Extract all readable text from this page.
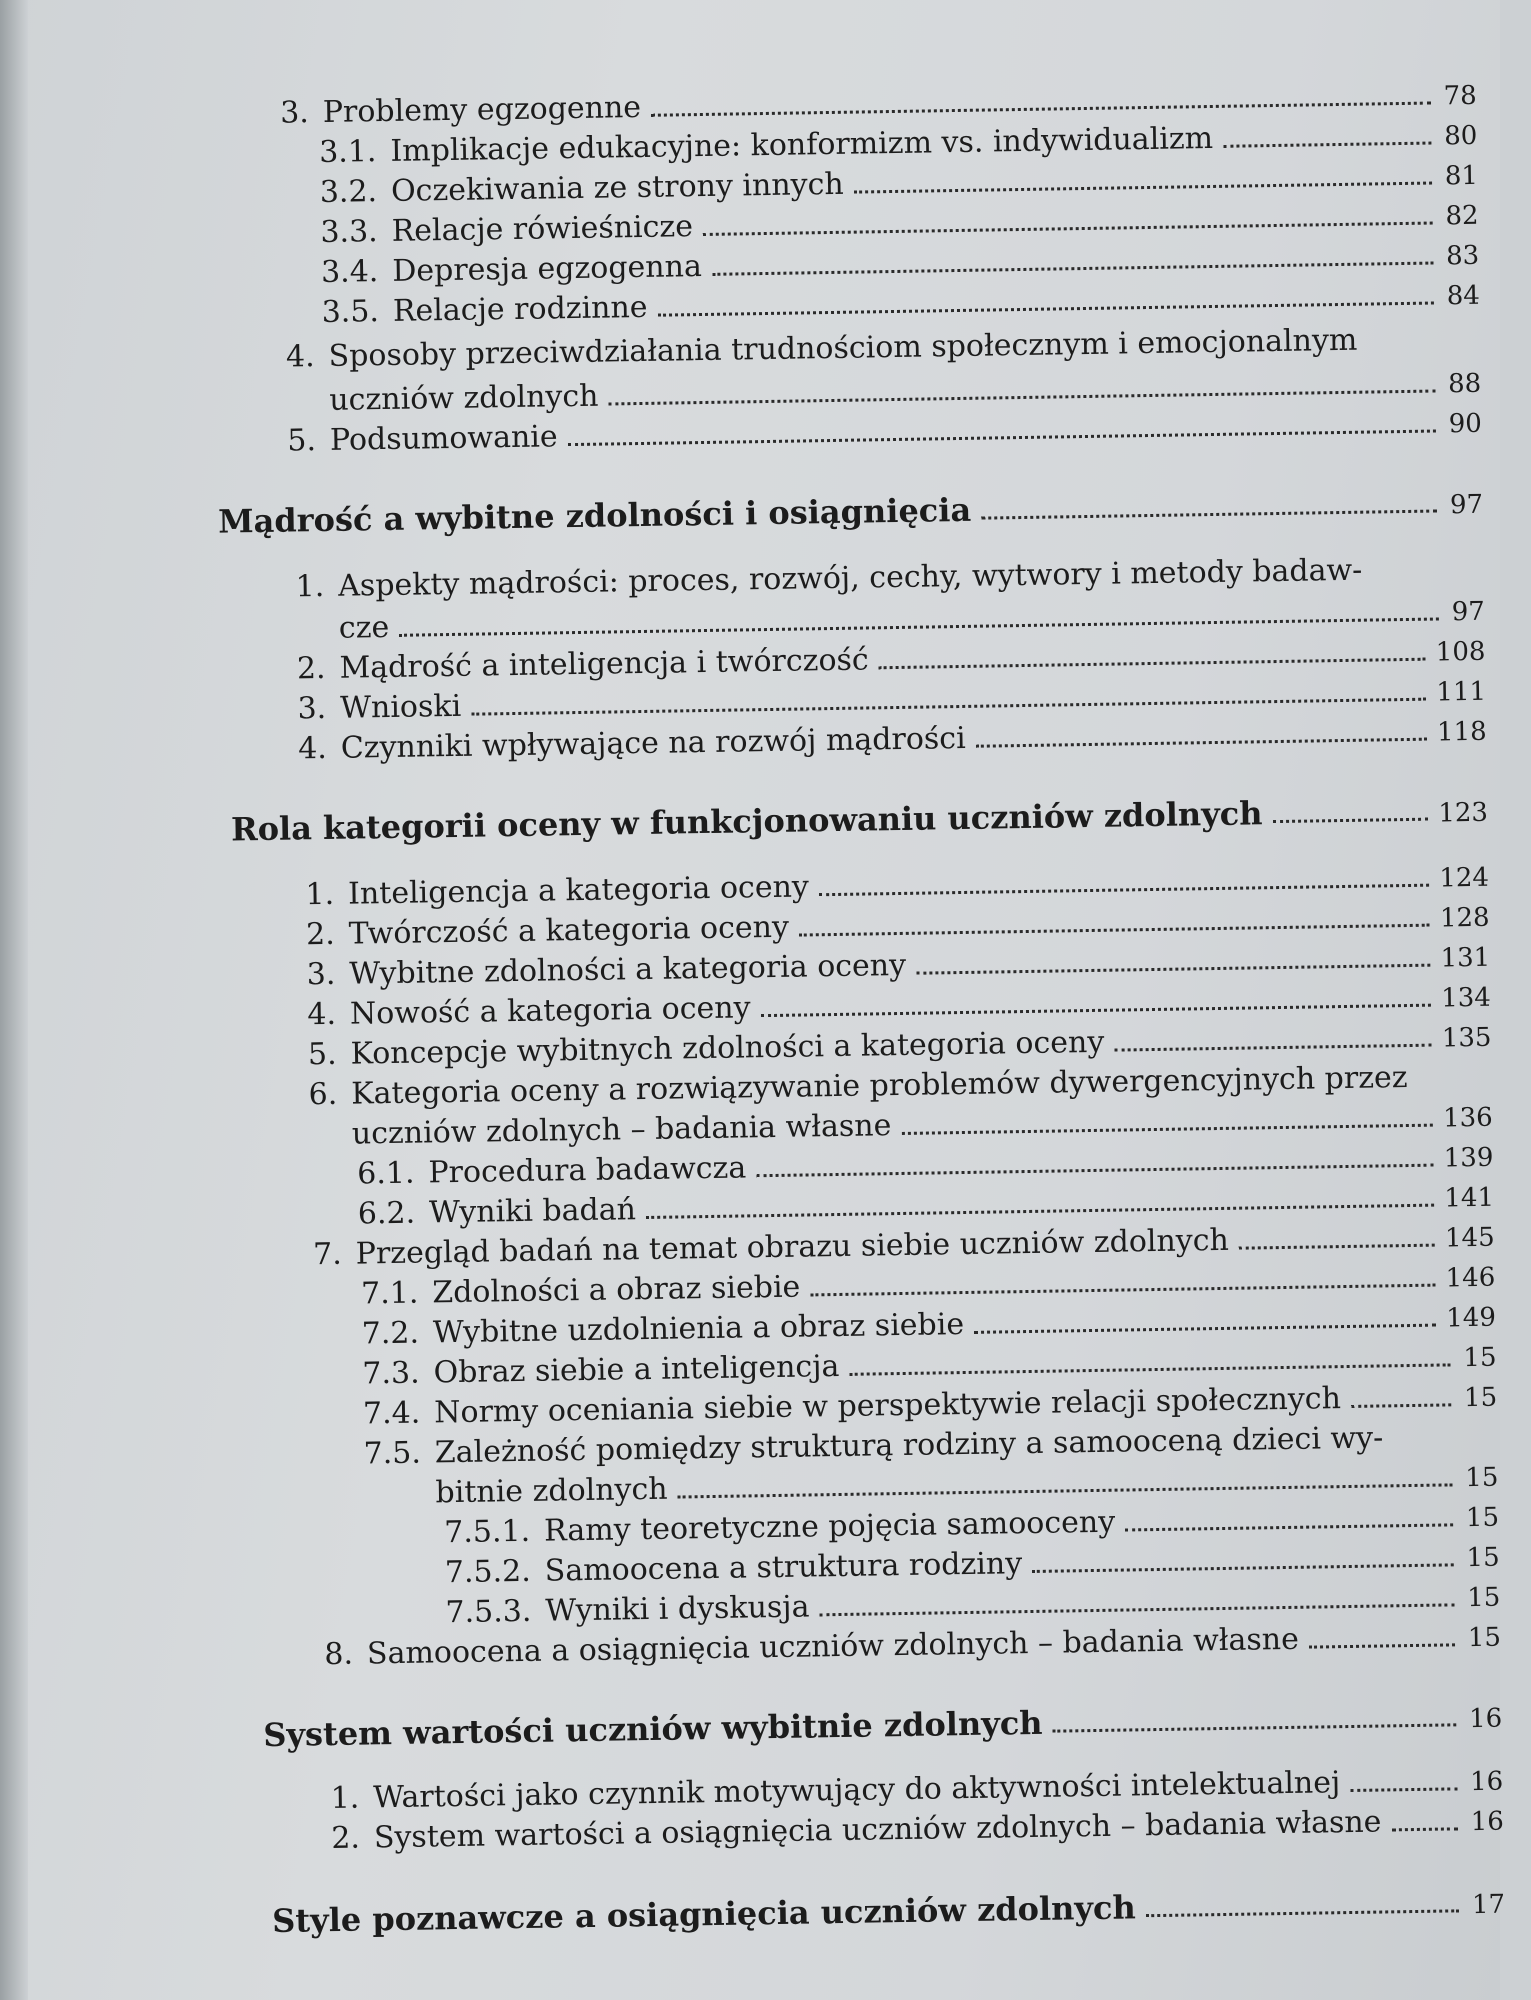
3. Problemy egzogenne	78
3.1. Implikacje edukacyjne: konformizm vs. indywidualizm	80
3.2. Oczekiwania ze strony innych	81
3.3. Relacje rówieśnicze	82
3.4. Depresja egzogenna	83
3.5. Relacje rodzinne	84
4. Sposoby przeciwdziałania trudnościom społecznym i emocjonalnym
uczniów zdolnych	88
5. Podsumowanie	90
Mądrość a wybitne zdolności i osiągnięcia	97
1. Aspekty mądrości: proces, rozwój, cechy, wytwory i metody badaw-
cze	97
2. Mądrość a inteligencja i twórczość	108
3. Wnioski	111
4. Czynniki wpływające na rozwój mądrości	118
Rola kategorii oceny w funkcjonowaniu uczniów zdolnych	123
1. Inteligencja a kategoria oceny	124
2. Twórczość a kategoria oceny	128
3. Wybitne zdolności a kategoria oceny	131
4. Nowość a kategoria oceny	134
5. Koncepcje wybitnych zdolności a kategoria oceny	135
6. Kategoria oceny a rozwiązywanie problemów dywergencyjnych przez
uczniów zdolnych – badania własne	136
6.1. Procedura badawcza	139
6.2. Wyniki badań	141
7. Przegląd badań na temat obrazu siebie uczniów zdolnych	145
7.1. Zdolności a obraz siebie	146
7.2. Wybitne uzdolnienia a obraz siebie	149
7.3. Obraz siebie a inteligencja	15
7.4. Normy oceniania siebie w perspektywie relacji społecznych	15
7.5. Zależność pomiędzy strukturą rodziny a samooceną dzieci wy-
bitnie zdolnych	15
7.5.1. Ramy teoretyczne pojęcia samooceny	15
7.5.2. Samoocena a struktura rodziny	15
7.5.3. Wyniki i dyskusja	15
8. Samoocena a osiągnięcia uczniów zdolnych – badania własne	15
System wartości uczniów wybitnie zdolnych	16
1. Wartości jako czynnik motywujący do aktywności intelektualnej	16
2. System wartości a osiągnięcia uczniów zdolnych – badania własne	16
Style poznawcze a osiągnięcia uczniów zdolnych	17
